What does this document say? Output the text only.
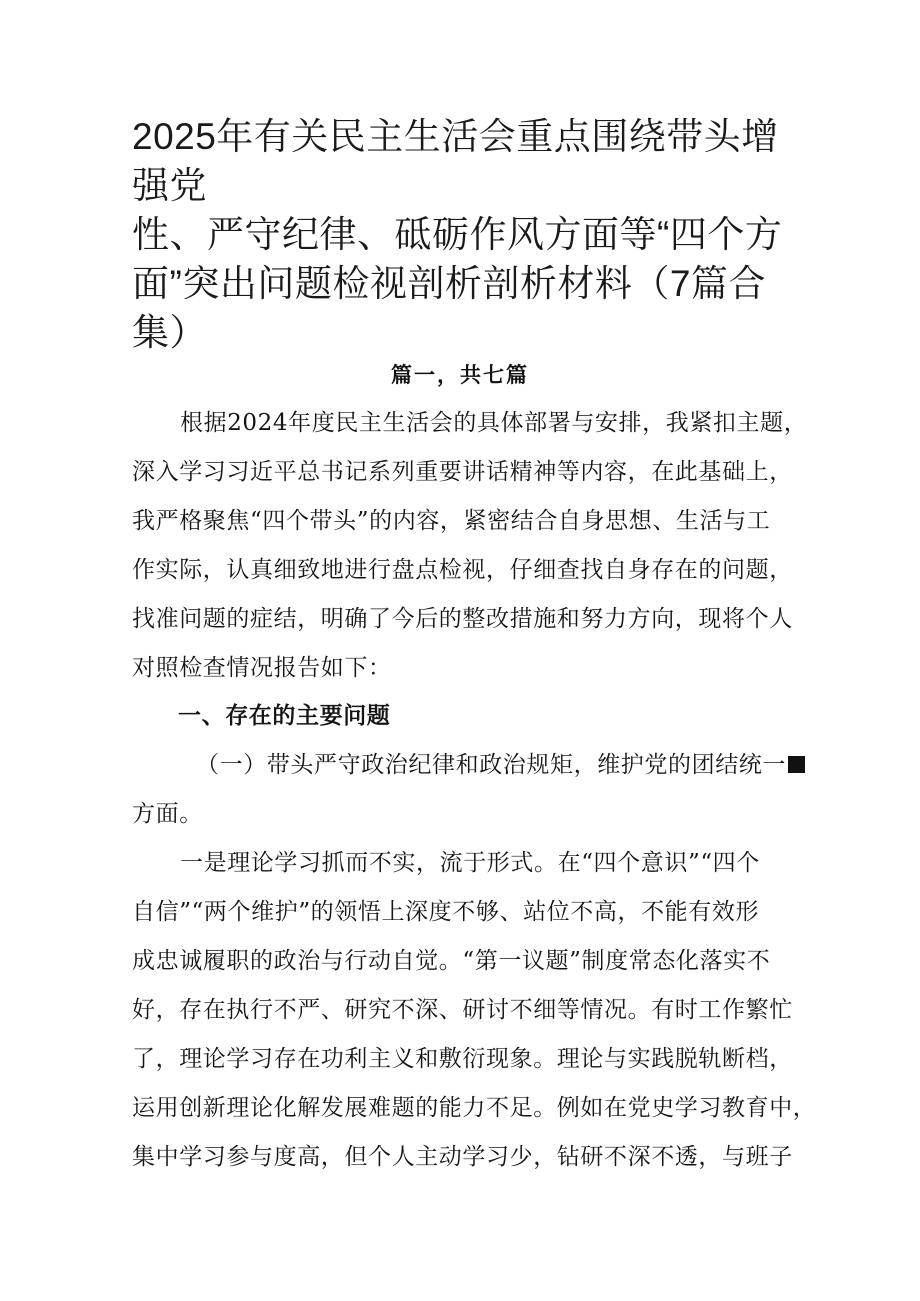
2025年有关民主生活会重点围绕带头增强党
性、严守纪律、砥砺作风方面等“四个方
面”突出问题检视剖析剖析材料（7篇合
集）
篇一，共七篇

根据2024年度民主生活会的具体部署与安排，我紧扣主题，

深入学习习近平总书记系列重要讲话精神等内容，在此基础上，

我严格聚焦“四个带头”的内容，紧密结合自身思想、生活与工

作实际，认真细致地进行盘点检视，仔细查找自身存在的问题，

找准问题的症结，明确了今后的整改措施和努力方向，现将个人

对照检查情况报告如下：

一、存在的主要问题

（一）带头严守政治纪律和政治规矩，维护党的团结统一

方面。

一是理论学习抓而不实，流于形式。在“四个意识”“四个

自信”“两个维护”的领悟上深度不够、站位不高，不能有效形

成忠诚履职的政治与行动自觉。“第一议题”制度常态化落实不

好，存在执行不严、研究不深、研讨不细等情况。有时工作繁忙

了，理论学习存在功利主义和敷衍现象。理论与实践脱轨断档，

运用创新理论化解发展难题的能力不足。例如在党史学习教育中，

集中学习参与度高，但个人主动学习少，钻研不深不透，与班子
